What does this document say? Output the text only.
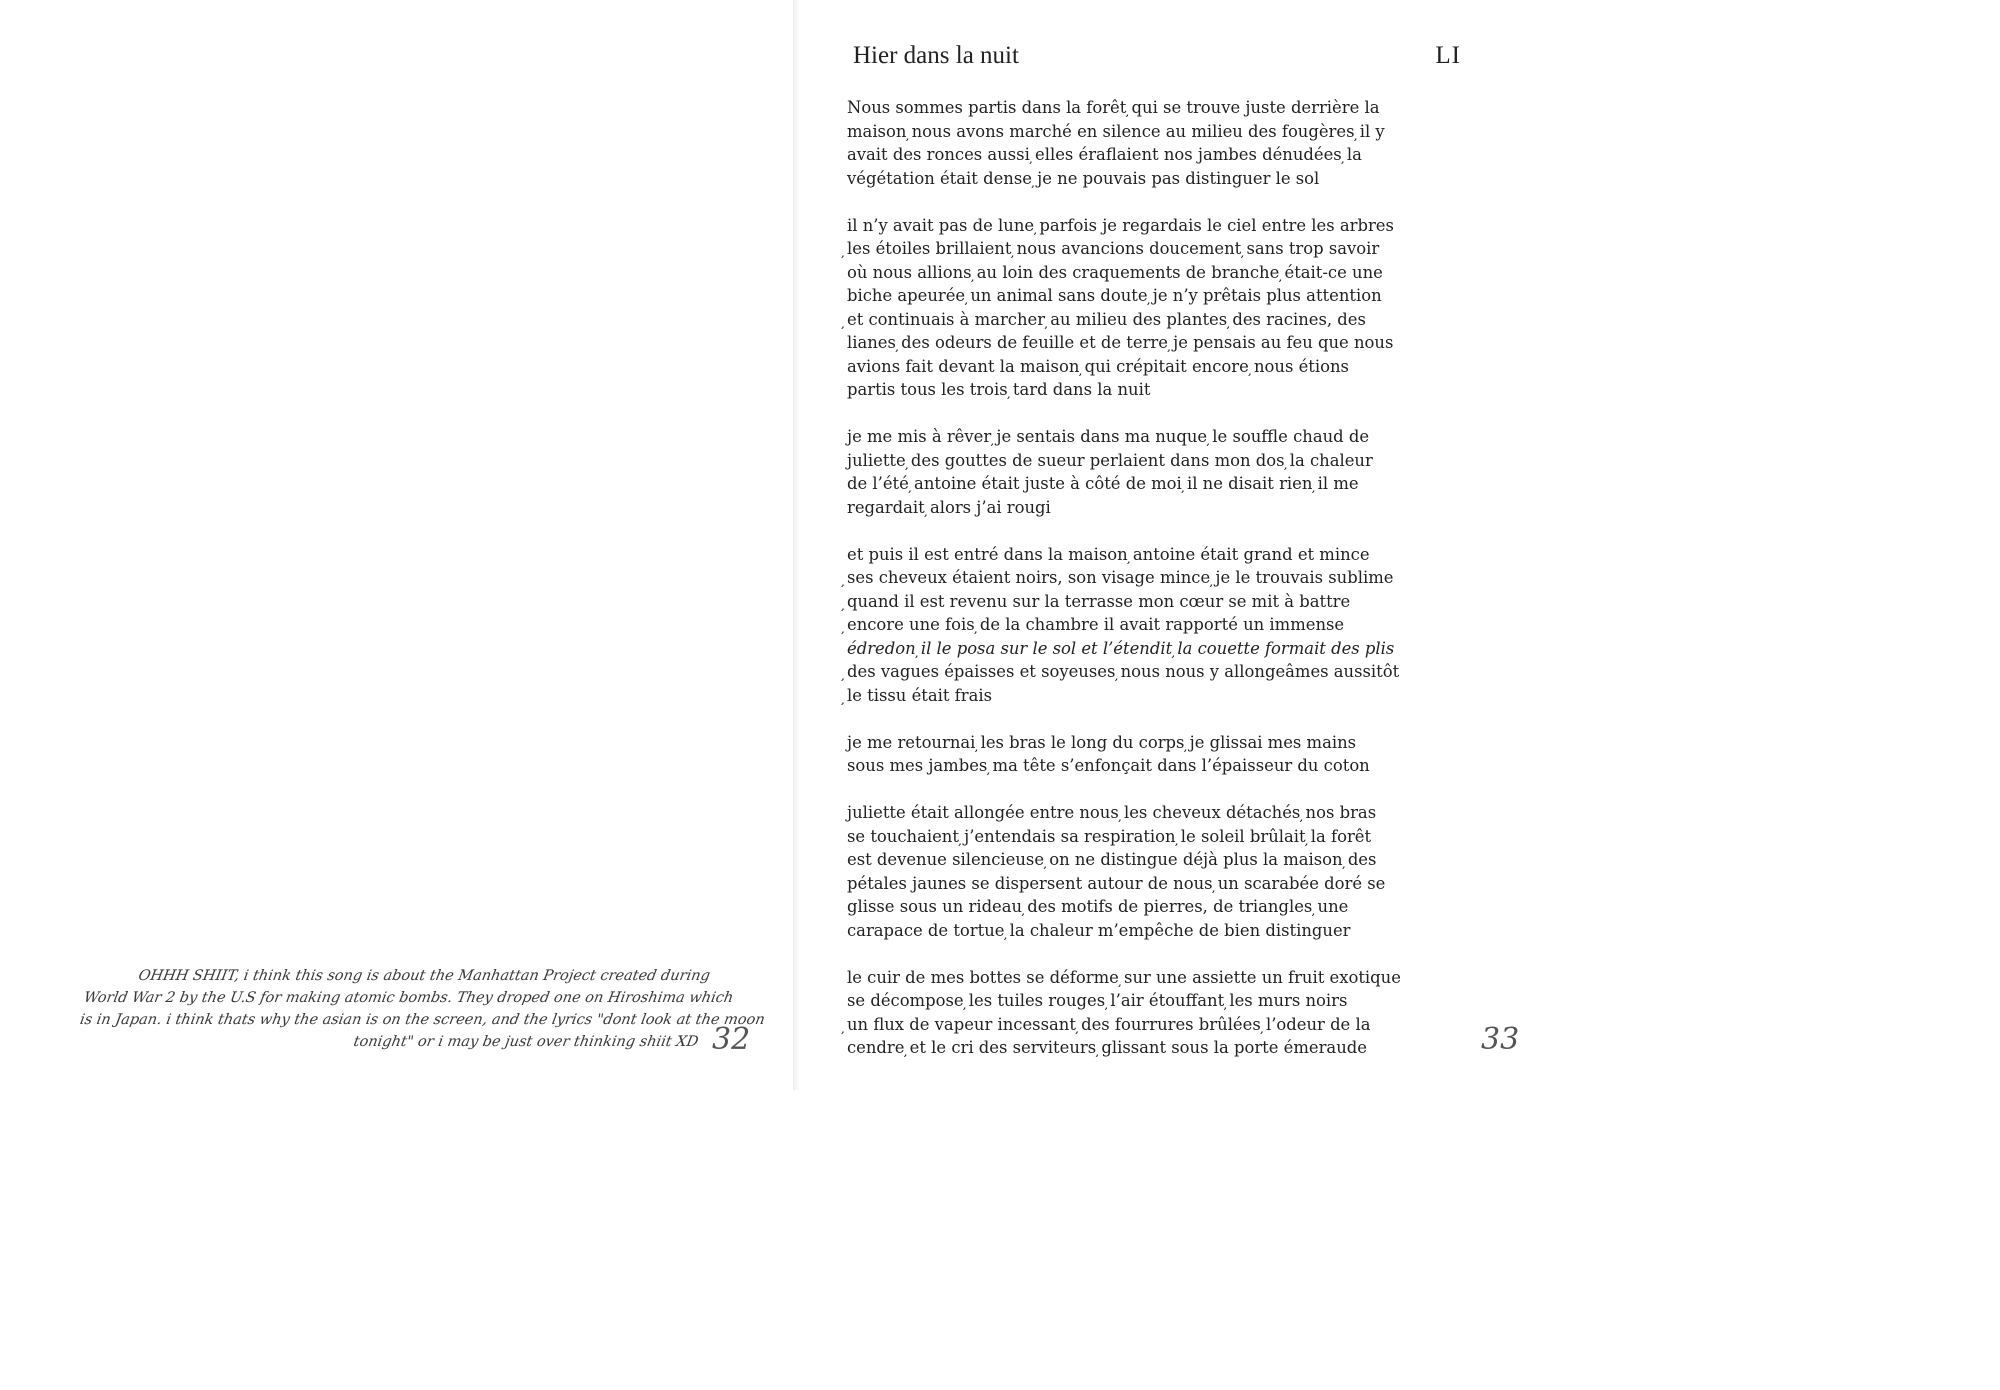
OHHH SHIIT, i think this song is about the Manhattan Project created during
World War 2 by the U.S for making atomic bombs. They droped one on Hiroshima which
is in Japan. i think thats why the asian is on the screen, and the lyrics "dont look at the moon
tonight" or i may be just over thinking shiit XD 32
Hier dans la nuit	LI

Nous sommes partis dans la forêt ̦qui se trouve juste derrière la
maison ̦nous avons marché en silence au milieu des fougères ̦il y
avait des ronces aussi ̦elles éraflaient nos jambes dénudées ̦la
végétation était dense ̦je ne pouvais pas distinguer le sol

il n’y avait pas de lune ̦parfois je regardais le ciel entre les arbres
̦les étoiles brillaient ̦nous avancions doucement ̦sans trop savoir
où nous allions ̦au loin des craquements de branche ̦était-ce une
biche apeurée ̦un animal sans doute ̦je n’y prêtais plus attention
̦et continuais à marcher ̦au milieu des plantes ̦des racines, des
lianes ̦des odeurs de feuille et de terre ̦je pensais au feu que nous
avions fait devant la maison ̦qui crépitait encore ̦nous étions
partis tous les trois ̦tard dans la nuit

je me mis à rêver ̦je sentais dans ma nuque ̦le souffle chaud de
juliette ̦des gouttes de sueur perlaient dans mon dos ̦la chaleur
de l’été ̦antoine était juste à côté de moi ̦il ne disait rien ̦il me
regardait ̦alors j’ai rougi

et puis il est entré dans la maison ̦antoine était grand et mince
̦ses cheveux étaient noirs, son visage mince ̦je le trouvais sublime
̦quand il est revenu sur la terrasse mon cœur se mit à battre
̦encore une fois ̦de la chambre il avait rapporté un immense
édredon ̦il le posa sur le sol et l’étendit ̦la couette formait des plis
̦des vagues épaisses et soyeuses ̦nous nous y allongeâmes aussitôt
̦le tissu était frais

je me retournai ̦les bras le long du corps ̦je glissai mes mains
sous mes jambes ̦ma tête s’enfonçait dans l’épaisseur du coton

juliette était allongée entre nous ̦les cheveux détachés ̦nos bras
se touchaient ̦j’entendais sa respiration ̦le soleil brûlait ̦la forêt
est devenue silencieuse ̦on ne distingue déjà plus la maison ̦des
pétales jaunes se dispersent autour de nous ̦un scarabée doré se
glisse sous un rideau ̦des motifs de pierres, de triangles ̦une
carapace de tortue ̦la chaleur m’empêche de bien distinguer

le cuir de mes bottes se déforme ̦sur une assiette un fruit exotique
se décompose ̦les tuiles rouges ̦l’air étouffant ̦les murs noirs
̦un flux de vapeur incessant ̦des fourrures brûlées ̦l’odeur de la
cendre ̦et le cri des serviteurs ̦glissant sous la porte émeraude	33
